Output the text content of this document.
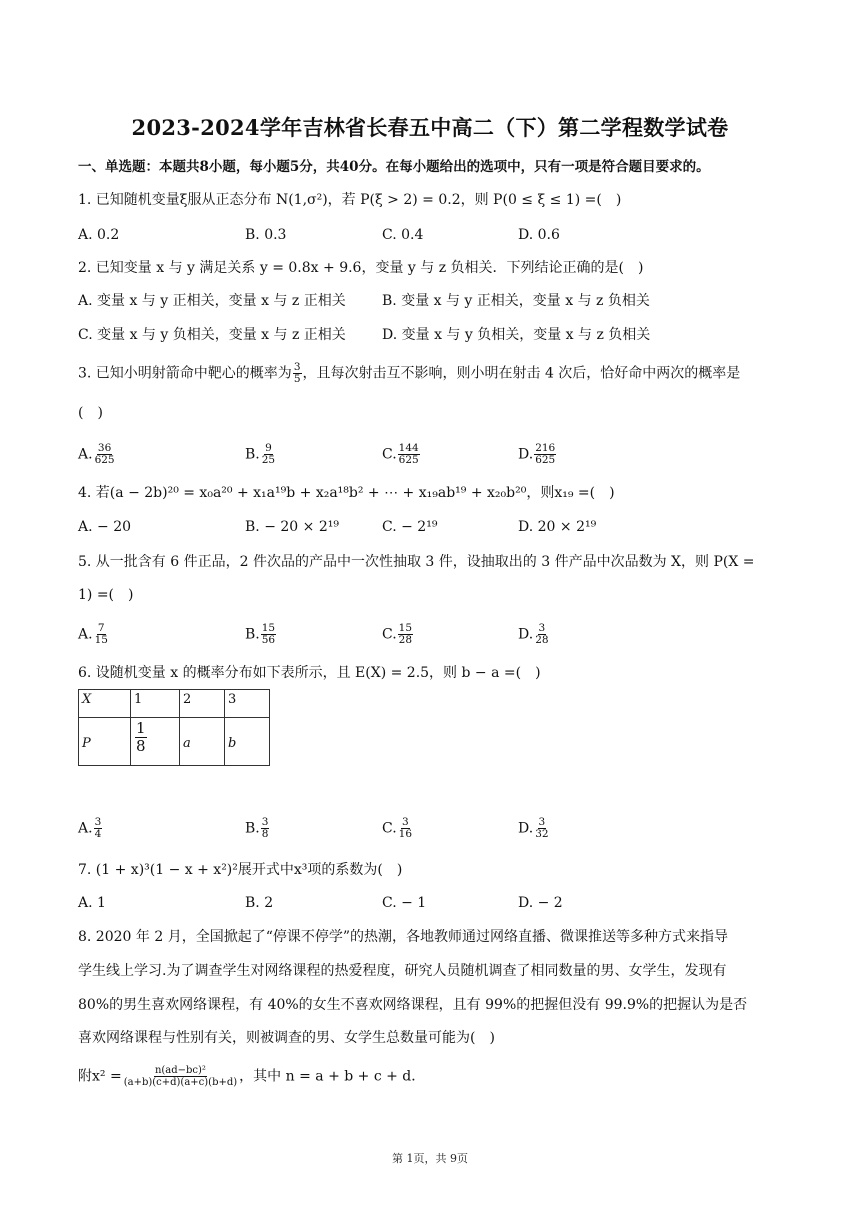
2023-2024学年吉林省长春五中高二（下）第二学程数学试卷
一、单选题：本题共8小题，每小题5分，共40分。在每小题给出的选项中，只有一项是符合题目要求的。
1. 已知随机变量ξ服从正态分布 N(1,σ²)，若 P(ξ > 2) = 0.2，则 P(0 ≤ ξ ≤ 1) =(　)
A. 0.2	B. 0.3	C. 0.4	D. 0.6
2. 已知变量 x 与 y 满足关系 y = 0.8x + 9.6，变量 y 与 z 负相关．下列结论正确的是(　)
A. 变量 x 与 y 正相关，变量 x 与 z 正相关	B. 变量 x 与 y 正相关，变量 x 与 z 负相关
C. 变量 x 与 y 负相关，变量 x 与 z 正相关	D. 变量 x 与 y 负相关，变量 x 与 z 负相关
3. 已知小明射箭命中靶心的概率为 $\frac{3}{5}$ ，且每次射击互不影响，则小明在射击 4 次后，恰好命中两次的概率是
(　)
A. $\frac{36}{625}$	B. $\frac{9}{25}$	C. $\frac{144}{625}$	D. $\frac{216}{625}$
4. 若(a − 2b)²⁰ = x₀a²⁰ + x₁a¹⁹b + x₂a¹⁸b² + ⋯ + x₁₉ab¹⁹ + x₂₀b²⁰，则x₁₉ =(　)
A. − 20	B. − 20 × 2¹⁹	C. − 2¹⁹	D. 20 × 2¹⁹
5. 从一批含有 6 件正品，2 件次品的产品中一次性抽取 3 件，设抽取出的 3 件产品中次品数为 X，则 P(X =
1) =(　)
A. $\frac{7}{15}$	B. $\frac{15}{56}$	C. $\frac{15}{28}$	D. $\frac{3}{28}$
6. 设随机变量 x 的概率分布如下表所示，且 E(X) = 2.5，则 b − a =(　)
X	1	2	3
P	$\frac{1}{8}$	a	b
A. $\frac{3}{4}$	B. $\frac{3}{8}$	C. $\frac{3}{16}$	D. $\frac{3}{32}$
7. (1 + x)³(1 − x + x²)²展开式中x³项的系数为(　)
A. 1	B. 2	C. − 1	D. − 2
8. 2020 年 2 月，全国掀起了“停课不停学”的热潮，各地教师通过网络直播、微课推送等多种方式来指导
学生线上学习.为了调查学生对网络课程的热爱程度，研究人员随机调查了相同数量的男、女学生，发现有
80%的男生喜欢网络课程，有 40%的女生不喜欢网络课程，且有 99%的把握但没有 99.9%的把握认为是否
喜欢网络课程与性别有关，则被调查的男、女学生总数量可能为(　)
附$x^2 = \frac{\text{n(ad−bc)²}}{(a+b)(c+d)(a+c)(b+d)}$ ，其中 n = a + b + c + d．
第 1页，共 9页
